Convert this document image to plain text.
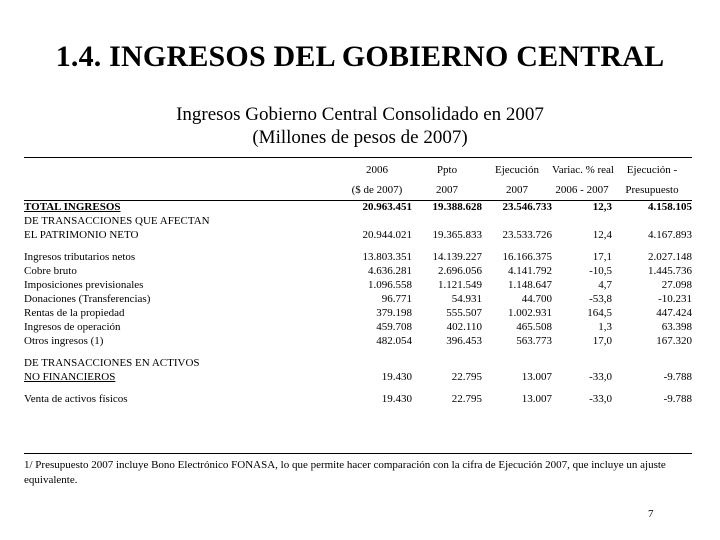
1.4. INGRESOS DEL GOBIERNO CENTRAL
Ingresos Gobierno Central Consolidado en 2007
(Millones de pesos de 2007)
	2006	Ppto	Ejecución	Variac. % real	Ejecución -
	($ de 2007)	2007	2007	2006 - 2007	Presupuesto
TOTAL INGRESOS	20.963.451	19.388.628	23.546.733	12,3	4.158.105
DE TRANSACCIONES QUE AFECTAN					
EL PATRIMONIO NETO	20.944.021	19.365.833	23.533.726	12,4	4.167.893

Ingresos tributarios netos	13.803.351	14.139.227	16.166.375	17,1	2.027.148
Cobre bruto	4.636.281	2.696.056	4.141.792	-10,5	1.445.736
Imposiciones previsionales	1.096.558	1.121.549	1.148.647	4,7	27.098
Donaciones (Transferencias)	96.771	54.931	44.700	-53,8	-10.231
Rentas de la propiedad	379.198	555.507	1.002.931	164,5	447.424
Ingresos de operación	459.708	402.110	465.508	1,3	63.398
Otros ingresos (1)	482.054	396.453	563.773	17,0	167.320

DE TRANSACCIONES EN ACTIVOS					
NO FINANCIEROS	19.430	22.795	13.007	-33,0	-9.788

Venta de activos físicos	19.430	22.795	13.007	-33,0	-9.788
1/ Presupuesto 2007 incluye Bono Electrónico FONASA, lo que permite hacer comparación con la cifra de Ejecución 2007, que incluye un ajuste equivalente.
7
